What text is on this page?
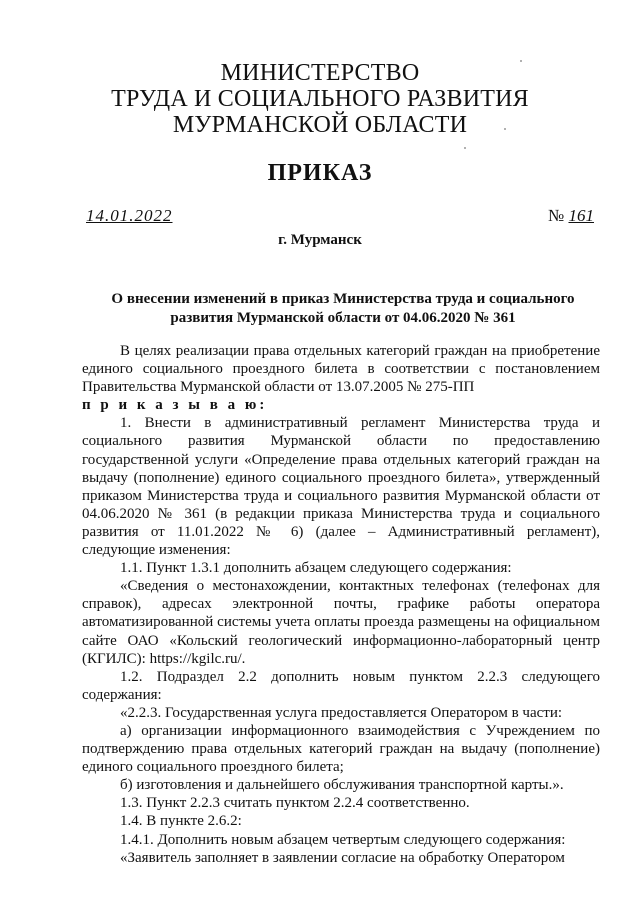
МИНИСТЕРСТВО
ТРУДА И СОЦИАЛЬНОГО РАЗВИТИЯ
МУРМАНСКОЙ ОБЛАСТИ
ПРИКАЗ
14.01.2022	№ 161
г. Мурманск
О внесении изменений в приказ Министерства труда и социального развития Мурманской области от 04.06.2020 № 361

В целях реализации права отдельных категорий граждан на приобретение единого социального проездного билета в соответствии с постановлением Правительства Мурманской области от 13.07.2005 № 275-ПП

п р и к а з ы в а ю:

1. Внести в административный регламент Министерства труда и социального развития Мурманской области по предоставлению государственной услуги «Определение права отдельных категорий граждан на выдачу (пополнение) единого социального проездного билета», утвержденный приказом Министерства труда и социального развития Мурманской области от 04.06.2020 № 361 (в редакции приказа Министерства труда и социального развития от 11.01.2022 № 6) (далее – Административный регламент), следующие изменения:

1.1. Пункт 1.3.1 дополнить абзацем следующего содержания:

«Сведения о местонахождении, контактных телефонах (телефонах для справок), адресах электронной почты, графике работы оператора автоматизированной системы учета оплаты проезда размещены на официальном сайте ОАО «Кольский геологический информационно-лабораторный центр (КГИЛС): https://kgilc.ru/.

1.2. Подраздел 2.2 дополнить новым пунктом 2.2.3 следующего содержания:

«2.2.3. Государственная услуга предоставляется Оператором в части:

а) организации информационного взаимодействия с Учреждением по подтверждению права отдельных категорий граждан на выдачу (пополнение) единого социального проездного билета;

б) изготовления и дальнейшего обслуживания транспортной карты.».

1.3. Пункт 2.2.3 считать пунктом 2.2.4 соответственно.

1.4. В пункте 2.6.2:

1.4.1. Дополнить новым абзацем четвертым следующего содержания:

«Заявитель заполняет в заявлении согласие на обработку Оператором
